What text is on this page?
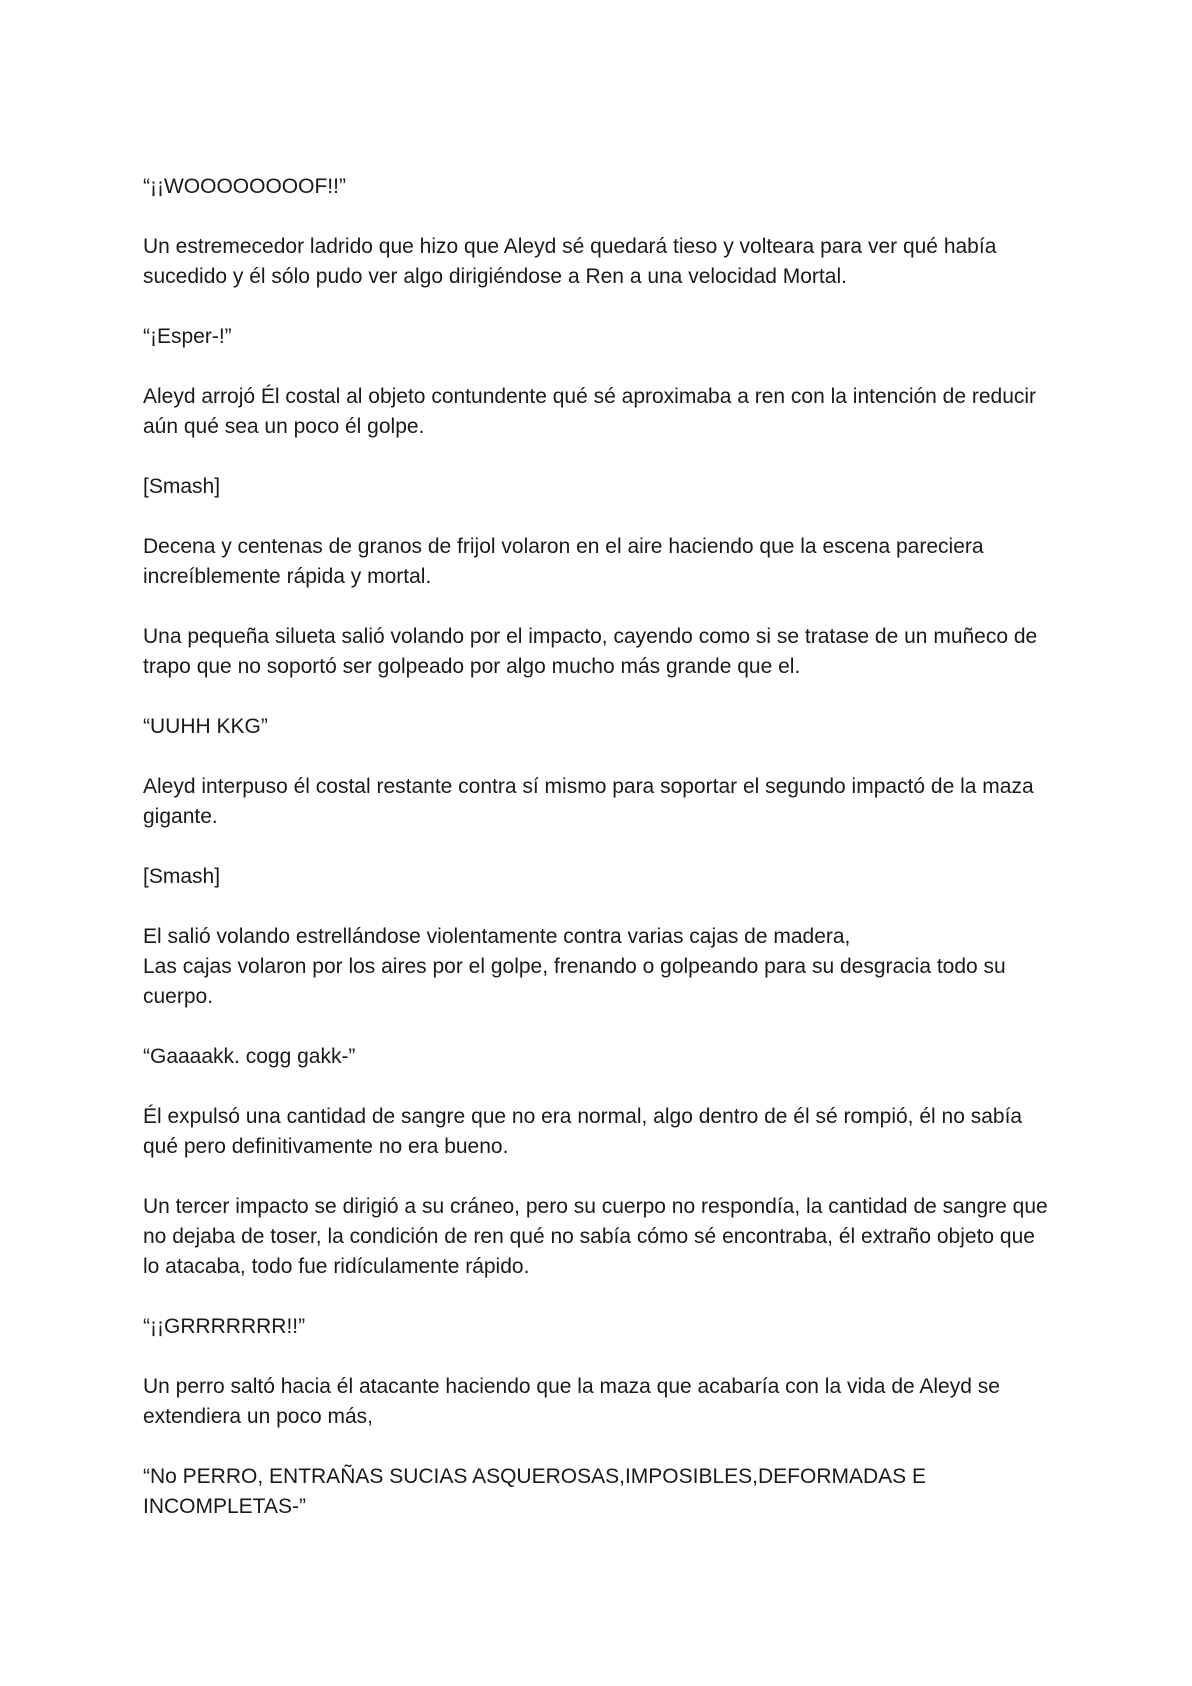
“¡¡WOOOOOOOOF!!”

Un estremecedor ladrido que hizo que Aleyd sé quedará tieso y volteara para ver qué había sucedido y él sólo pudo ver algo dirigiéndose a Ren a una velocidad Mortal.

“¡Esper-!”

Aleyd arrojó Él costal al objeto contundente qué sé aproximaba a ren con la intención de reducir aún qué sea un poco él golpe.

[Smash]

Decena y centenas de granos de frijol volaron en el aire haciendo que la escena pareciera increíblemente rápida y mortal.

Una pequeña silueta salió volando por el impacto, cayendo como si se tratase de un muñeco de trapo que no soportó ser golpeado por algo mucho más grande que el.

“UUHH KKG”

Aleyd interpuso él costal restante contra sí mismo para soportar el segundo impactó de la maza gigante.

[Smash]

El salió volando estrellándose violentamente contra varias cajas de madera,
Las cajas volaron por los aires por el golpe, frenando o golpeando para su desgracia todo su cuerpo.

“Gaaaakk. cogg gakk-”

Él expulsó una cantidad de sangre que no era normal, algo dentro de él sé rompió, él no sabía qué pero definitivamente no era bueno.

Un tercer impacto se dirigió a su cráneo, pero su cuerpo no respondía, la cantidad de sangre que no dejaba de toser, la condición de ren qué no sabía cómo sé encontraba, él extraño objeto que lo atacaba, todo fue ridículamente rápido.

“¡¡GRRRRRRR!!”

Un perro saltó hacia él atacante haciendo que la maza que acabaría con la vida de Aleyd se extendiera un poco más,

“No PERRO, ENTRAÑAS SUCIAS ASQUEROSAS,IMPOSIBLES,DEFORMADAS E INCOMPLETAS-”
